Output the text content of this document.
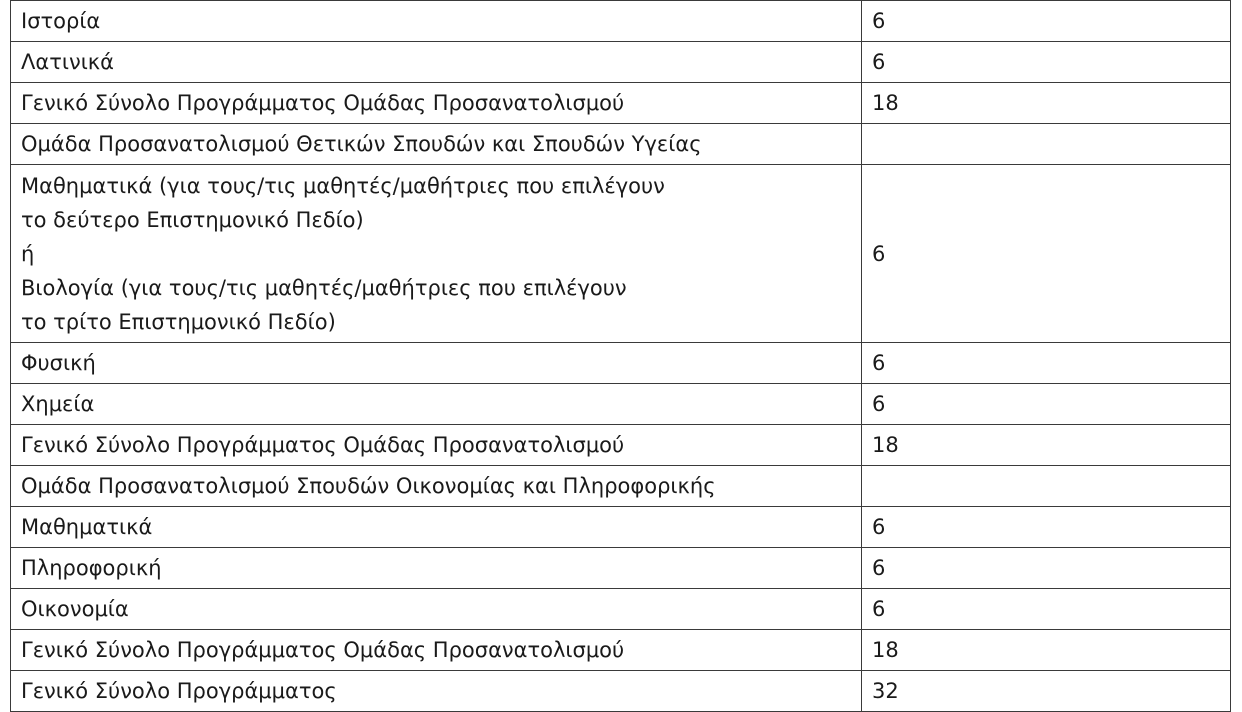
Ιστορία	6
Λατινικά	6
Γενικό Σύνολο Προγράμματος Ομάδας Προσανατολισμού	18
Ομάδα Προσανατολισμού Θετικών Σπουδών και Σπουδών Υγείας	

Μαθηματικά (για τους/τις μαθητές/μαθήτριες που επιλέγουν
το δεύτερο Επιστημονικό Πεδίο)
ή
Βιολογία (για τους/τις μαθητές/μαθήτριες που επιλέγουν
το τρίτο Επιστημονικό Πεδίο)	6
Φυσική	6
Χημεία	6
Γενικό Σύνολο Προγράμματος Ομάδας Προσανατολισμού	18
Ομάδα Προσανατολισμού Σπουδών Οικονομίας και Πληροφορικής	
Μαθηματικά	6
Πληροφορική	6
Οικονομία	6
Γενικό Σύνολο Προγράμματος Ομάδας Προσανατολισμού	18
Γενικό Σύνολο Προγράμματος	32
